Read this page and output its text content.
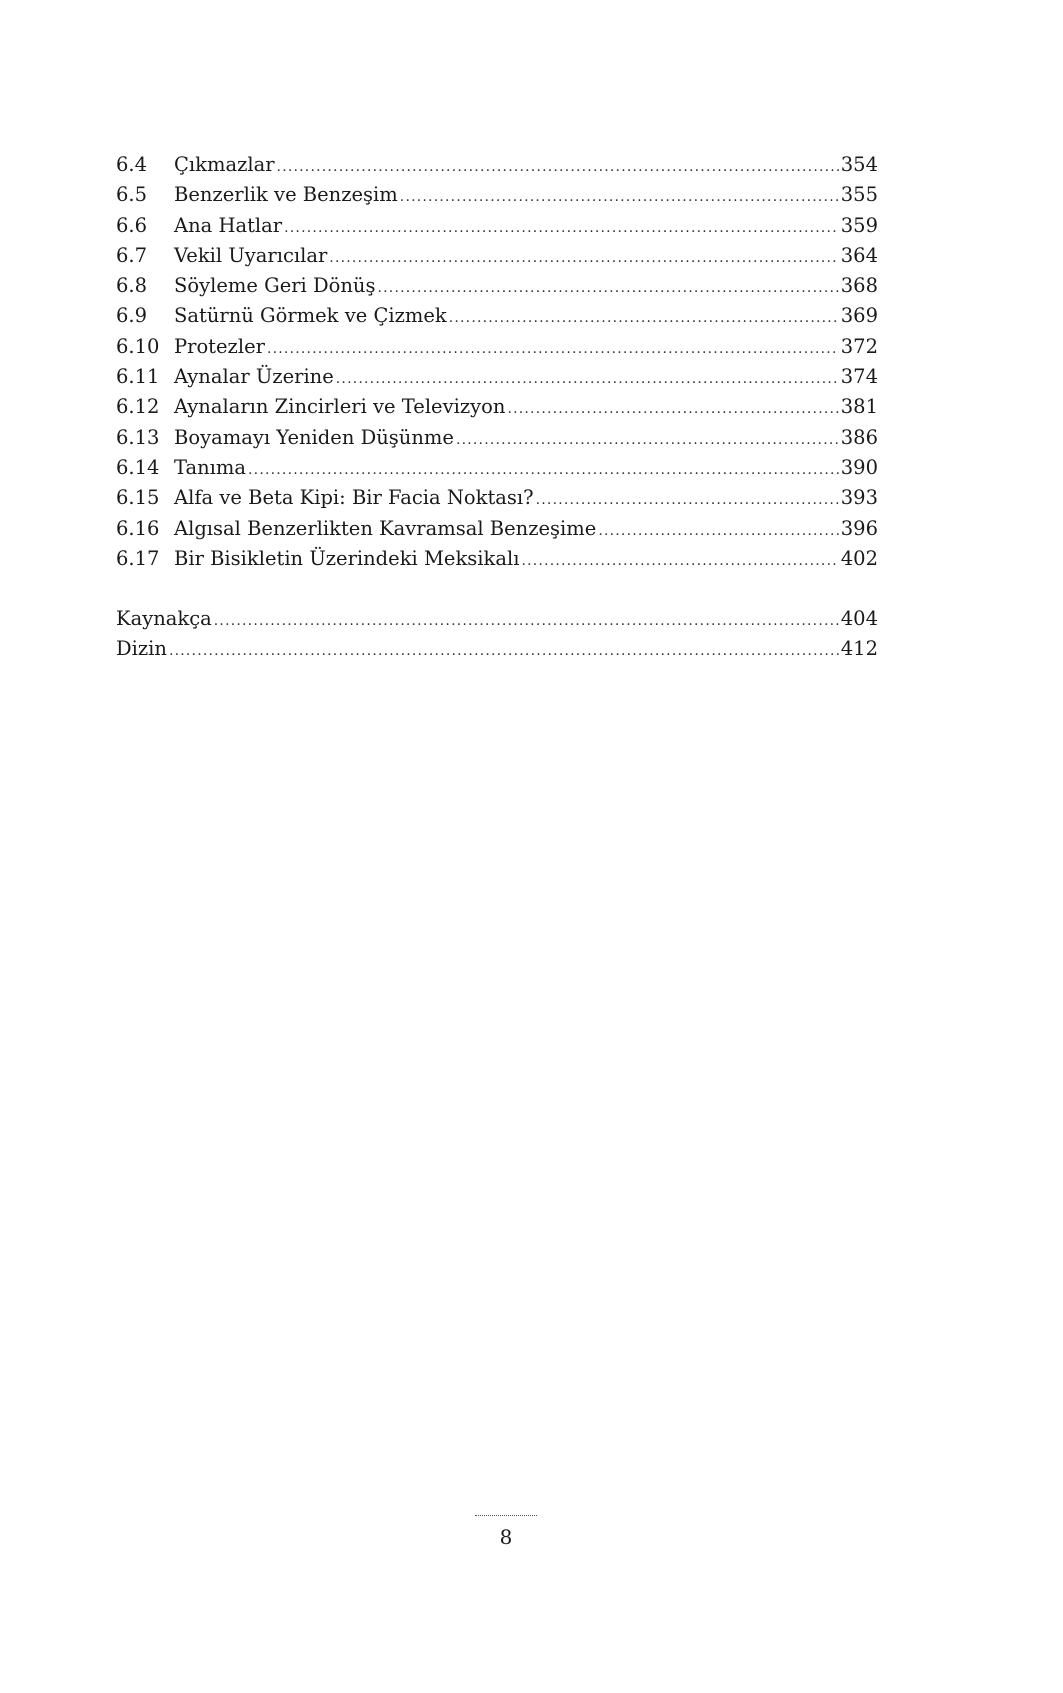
6.4	Çıkmazlar .....	354
6.5	Benzerlik ve Benzeşim .....	355
6.6	Ana Hatlar .....	359
6.7	Vekil Uyarıcılar .....	364
6.8	Söyleme Geri Dönüş .....	368
6.9	Satürnü Görmek ve Çizmek .....	369
6.10 Protezler .....	372
6.11 Aynalar Üzerine .....	374
6.12 Aynaların Zincirleri ve Televizyon .....	381
6.13 Boyamayı Yeniden Düşünme .....	386
6.14 Tanıma .....	390
6.15 Alfa ve Beta Kipi: Bir Facia Noktası? .....	393
6.16 Algısal Benzerlikten Kavramsal Benzeşime .....	396
6.17 Bir Bisikletin Üzerindeki Meksikalı .....	402
Kaynakça .....	404
Dizin .....	412
8
